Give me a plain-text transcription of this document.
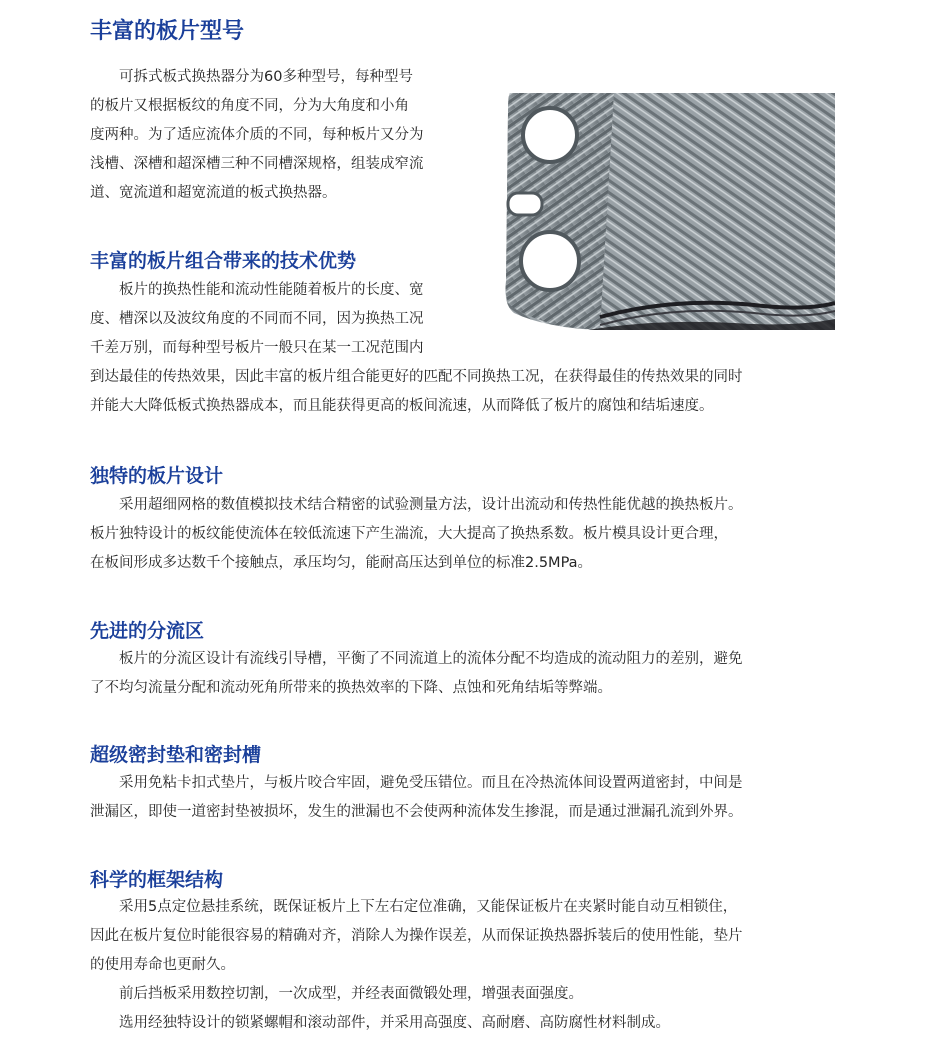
丰富的板片型号
　　可拆式板式换热器分为60多种型号，每种型号
的板片又根据板纹的角度不同，分为大角度和小角
度两种。为了适应流体介质的不同，每种板片又分为
浅槽、深槽和超深槽三种不同槽深规格，组装成窄流
道、宽流道和超宽流道的板式换热器。
丰富的板片组合带来的技术优势
　　板片的换热性能和流动性能随着板片的长度、宽
度、槽深以及波纹角度的不同而不同，因为换热工况
千差万别，而每种型号板片一般只在某一工况范围内
到达最佳的传热效果，因此丰富的板片组合能更好的匹配不同换热工况，在获得最佳的传热效果的同时
并能大大降低板式换热器成本，而且能获得更高的板间流速，从而降低了板片的腐蚀和结垢速度。
独特的板片设计
　　采用超细网格的数值模拟技术结合精密的试验测量方法，设计出流动和传热性能优越的换热板片。
板片独特设计的板纹能使流体在较低流速下产生湍流，大大提高了换热系数。板片模具设计更合理，
在板间形成多达数千个接触点，承压均匀，能耐高压达到单位的标准2.5MPa。
先进的分流区
　　板片的分流区设计有流线引导槽，平衡了不同流道上的流体分配不均造成的流动阻力的差别，避免
了不均匀流量分配和流动死角所带来的换热效率的下降、点蚀和死角结垢等弊端。
超级密封垫和密封槽
　　采用免粘卡扣式垫片，与板片咬合牢固，避免受压错位。而且在冷热流体间设置两道密封，中间是
泄漏区，即使一道密封垫被损坏，发生的泄漏也不会使两种流体发生掺混，而是通过泄漏孔流到外界。
科学的框架结构
　　采用5点定位悬挂系统，既保证板片上下左右定位准确，又能保证板片在夹紧时能自动互相锁住，
因此在板片复位时能很容易的精确对齐，消除人为操作误差，从而保证换热器拆装后的使用性能，垫片
的使用寿命也更耐久。
　　前后挡板采用数控切割，一次成型，并经表面微锻处理，增强表面强度。
　　选用经独特设计的锁紧螺帽和滚动部件，并采用高强度、高耐磨、高防腐性材料制成。
